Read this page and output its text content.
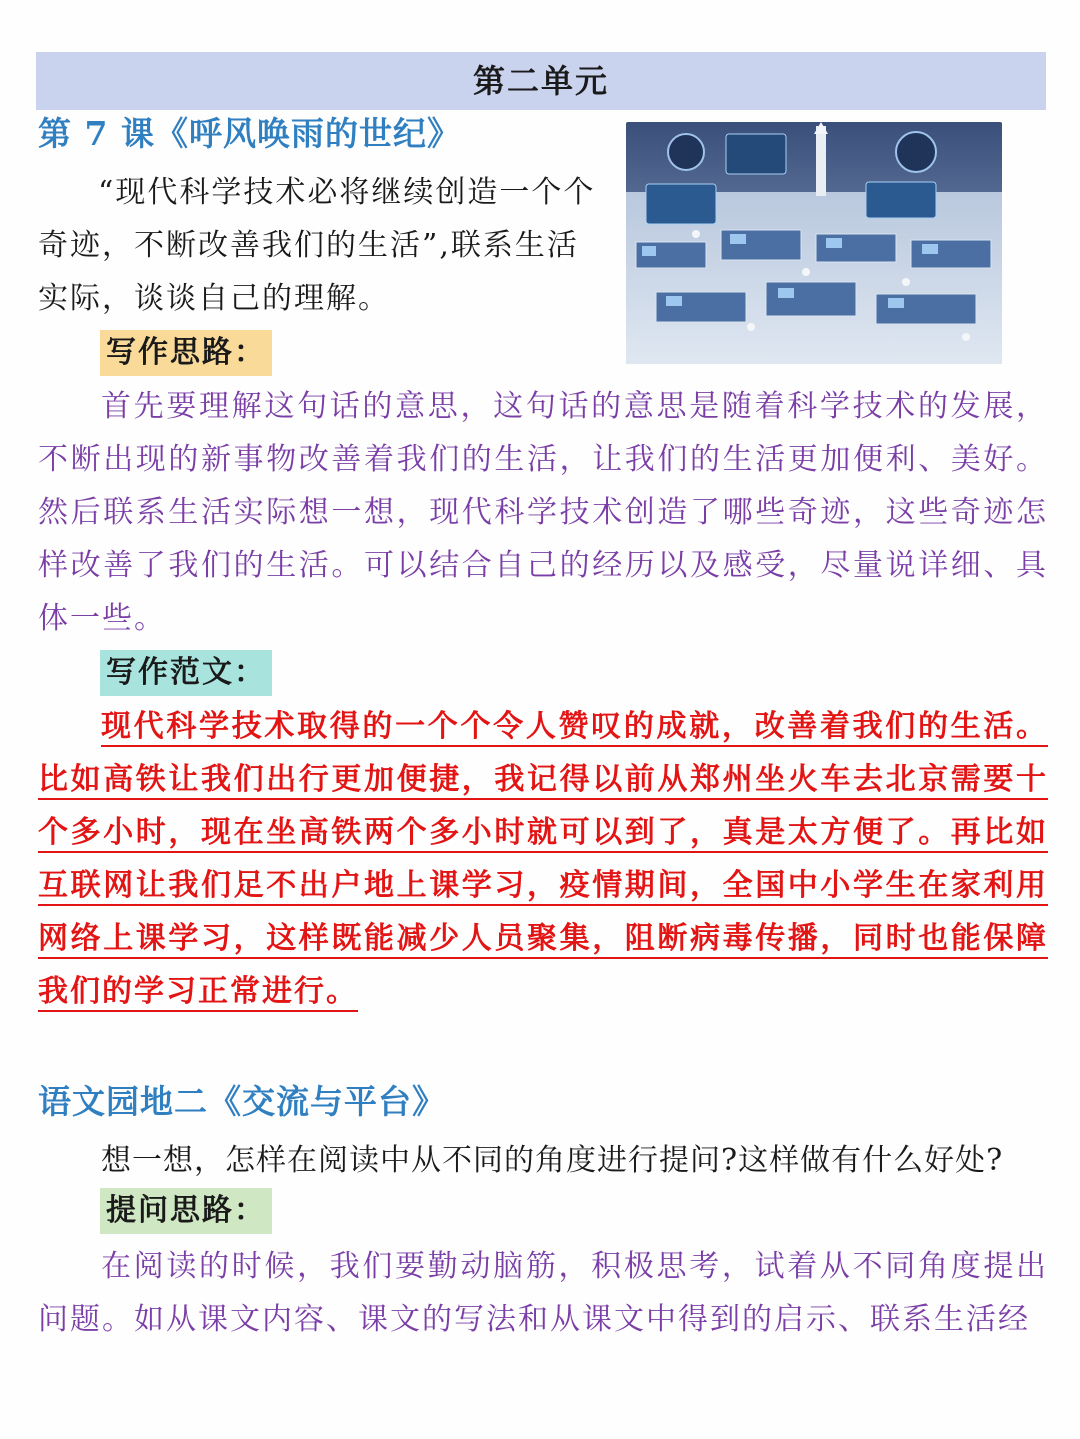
第二单元
第 7 课《呼风唤雨的世纪》
“现代科学技术必将继续创造一个个奇迹，不断改善我们的生活”,联系生活实际，谈谈自己的理解。
写作思路：
首先要理解这句话的意思，这句话的意思是随着科学技术的发展，不断出现的新事物改善着我们的生活，让我们的生活更加便利、美好。然后联系生活实际想一想，现代科学技术创造了哪些奇迹，这些奇迹怎样改善了我们的生活。可以结合自己的经历以及感受，尽量说详细、具体一些。
写作范文：
现代科学技术取得的一个个令人赞叹的成就，改善着我们的生活。比如高铁让我们出行更加便捷，我记得以前从郑州坐火车去北京需要十个多小时，现在坐高铁两个多小时就可以到了，真是太方便了。再比如互联网让我们足不出户地上课学习，疫情期间，全国中小学生在家利用网络上课学习，这样既能减少人员聚集，阻断病毒传播，同时也能保障我们的学习正常进行。
语文园地二《交流与平台》
想一想，怎样在阅读中从不同的角度进行提问?这样做有什么好处?
提问思路：
在阅读的时候，我们要勤动脑筋，积极思考，试着从不同角度提出问题。如从课文内容、课文的写法和从课文中得到的启示、联系生活经
